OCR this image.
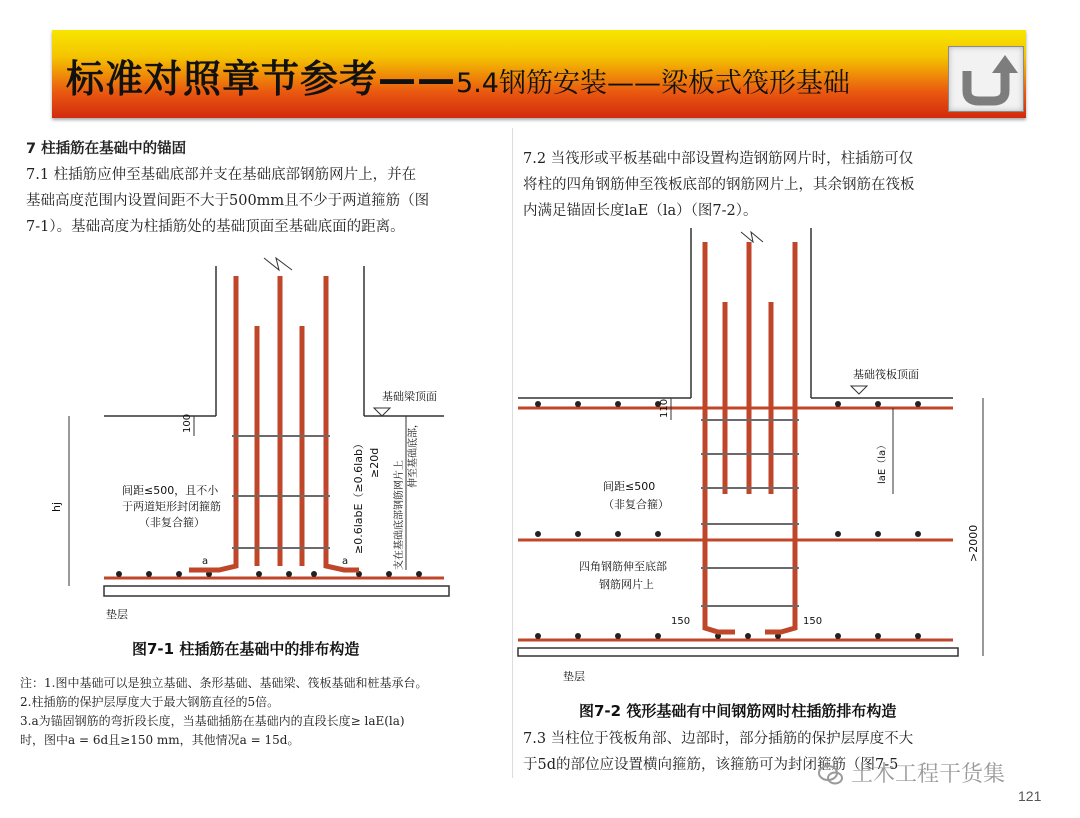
标准对照章节参考——5.4钢筋安装——梁板式筏形基础
7 柱插筋在基础中的锚固
7.1 柱插筋应伸至基础底部并支在基础底部钢筋网片上，并在
基础高度范围内设置间距不大于500mm且不少于两道箍筋（图
7-1）。基础高度为柱插筋处的基础顶面至基础底面的距离。
基础梁顶面
100
hj
间距≤500，且不小
于两道矩形封闭箍筋
（非复合箍）
a	a
≥0.6labE（≥0.6lab） ≥20d 支在基础底部钢筋网片上
伸至基础底部，
垫层
图7-1 柱插筋在基础中的排布构造
注：1.图中基础可以是独立基础、条形基础、基础梁、筏板基础和桩基承台。
2.柱插筋的保护层厚度大于最大钢筋直径的5倍。
3.a为锚固钢筋的弯折段长度，当基础插筋在基础内的直段长度≥ laE(la)
时，图中a = 6d且≥150 mm，其他情况a = 15d。
7.2 当筏形或平板基础中部设置构造钢筋网片时，柱插筋可仅
将柱的四角钢筋伸至筏板底部的钢筋网片上，其余钢筋在筏板
内满足锚固长度laE（la）（图7-2）。
基础筏板顶面
110
laE（la）
>2000
间距≤500
（非复合箍）
四角钢筋伸至底部
钢筋网片上
150	150
垫层
图7-2 筏形基础有中间钢筋网时柱插筋排布构造
7.3 当柱位于筏板角部、边部时，部分插筋的保护层厚度不大
于5d的部位应设置横向箍筋，该箍筋可为封闭箍筋（图7-5
土木工程干货集
121
